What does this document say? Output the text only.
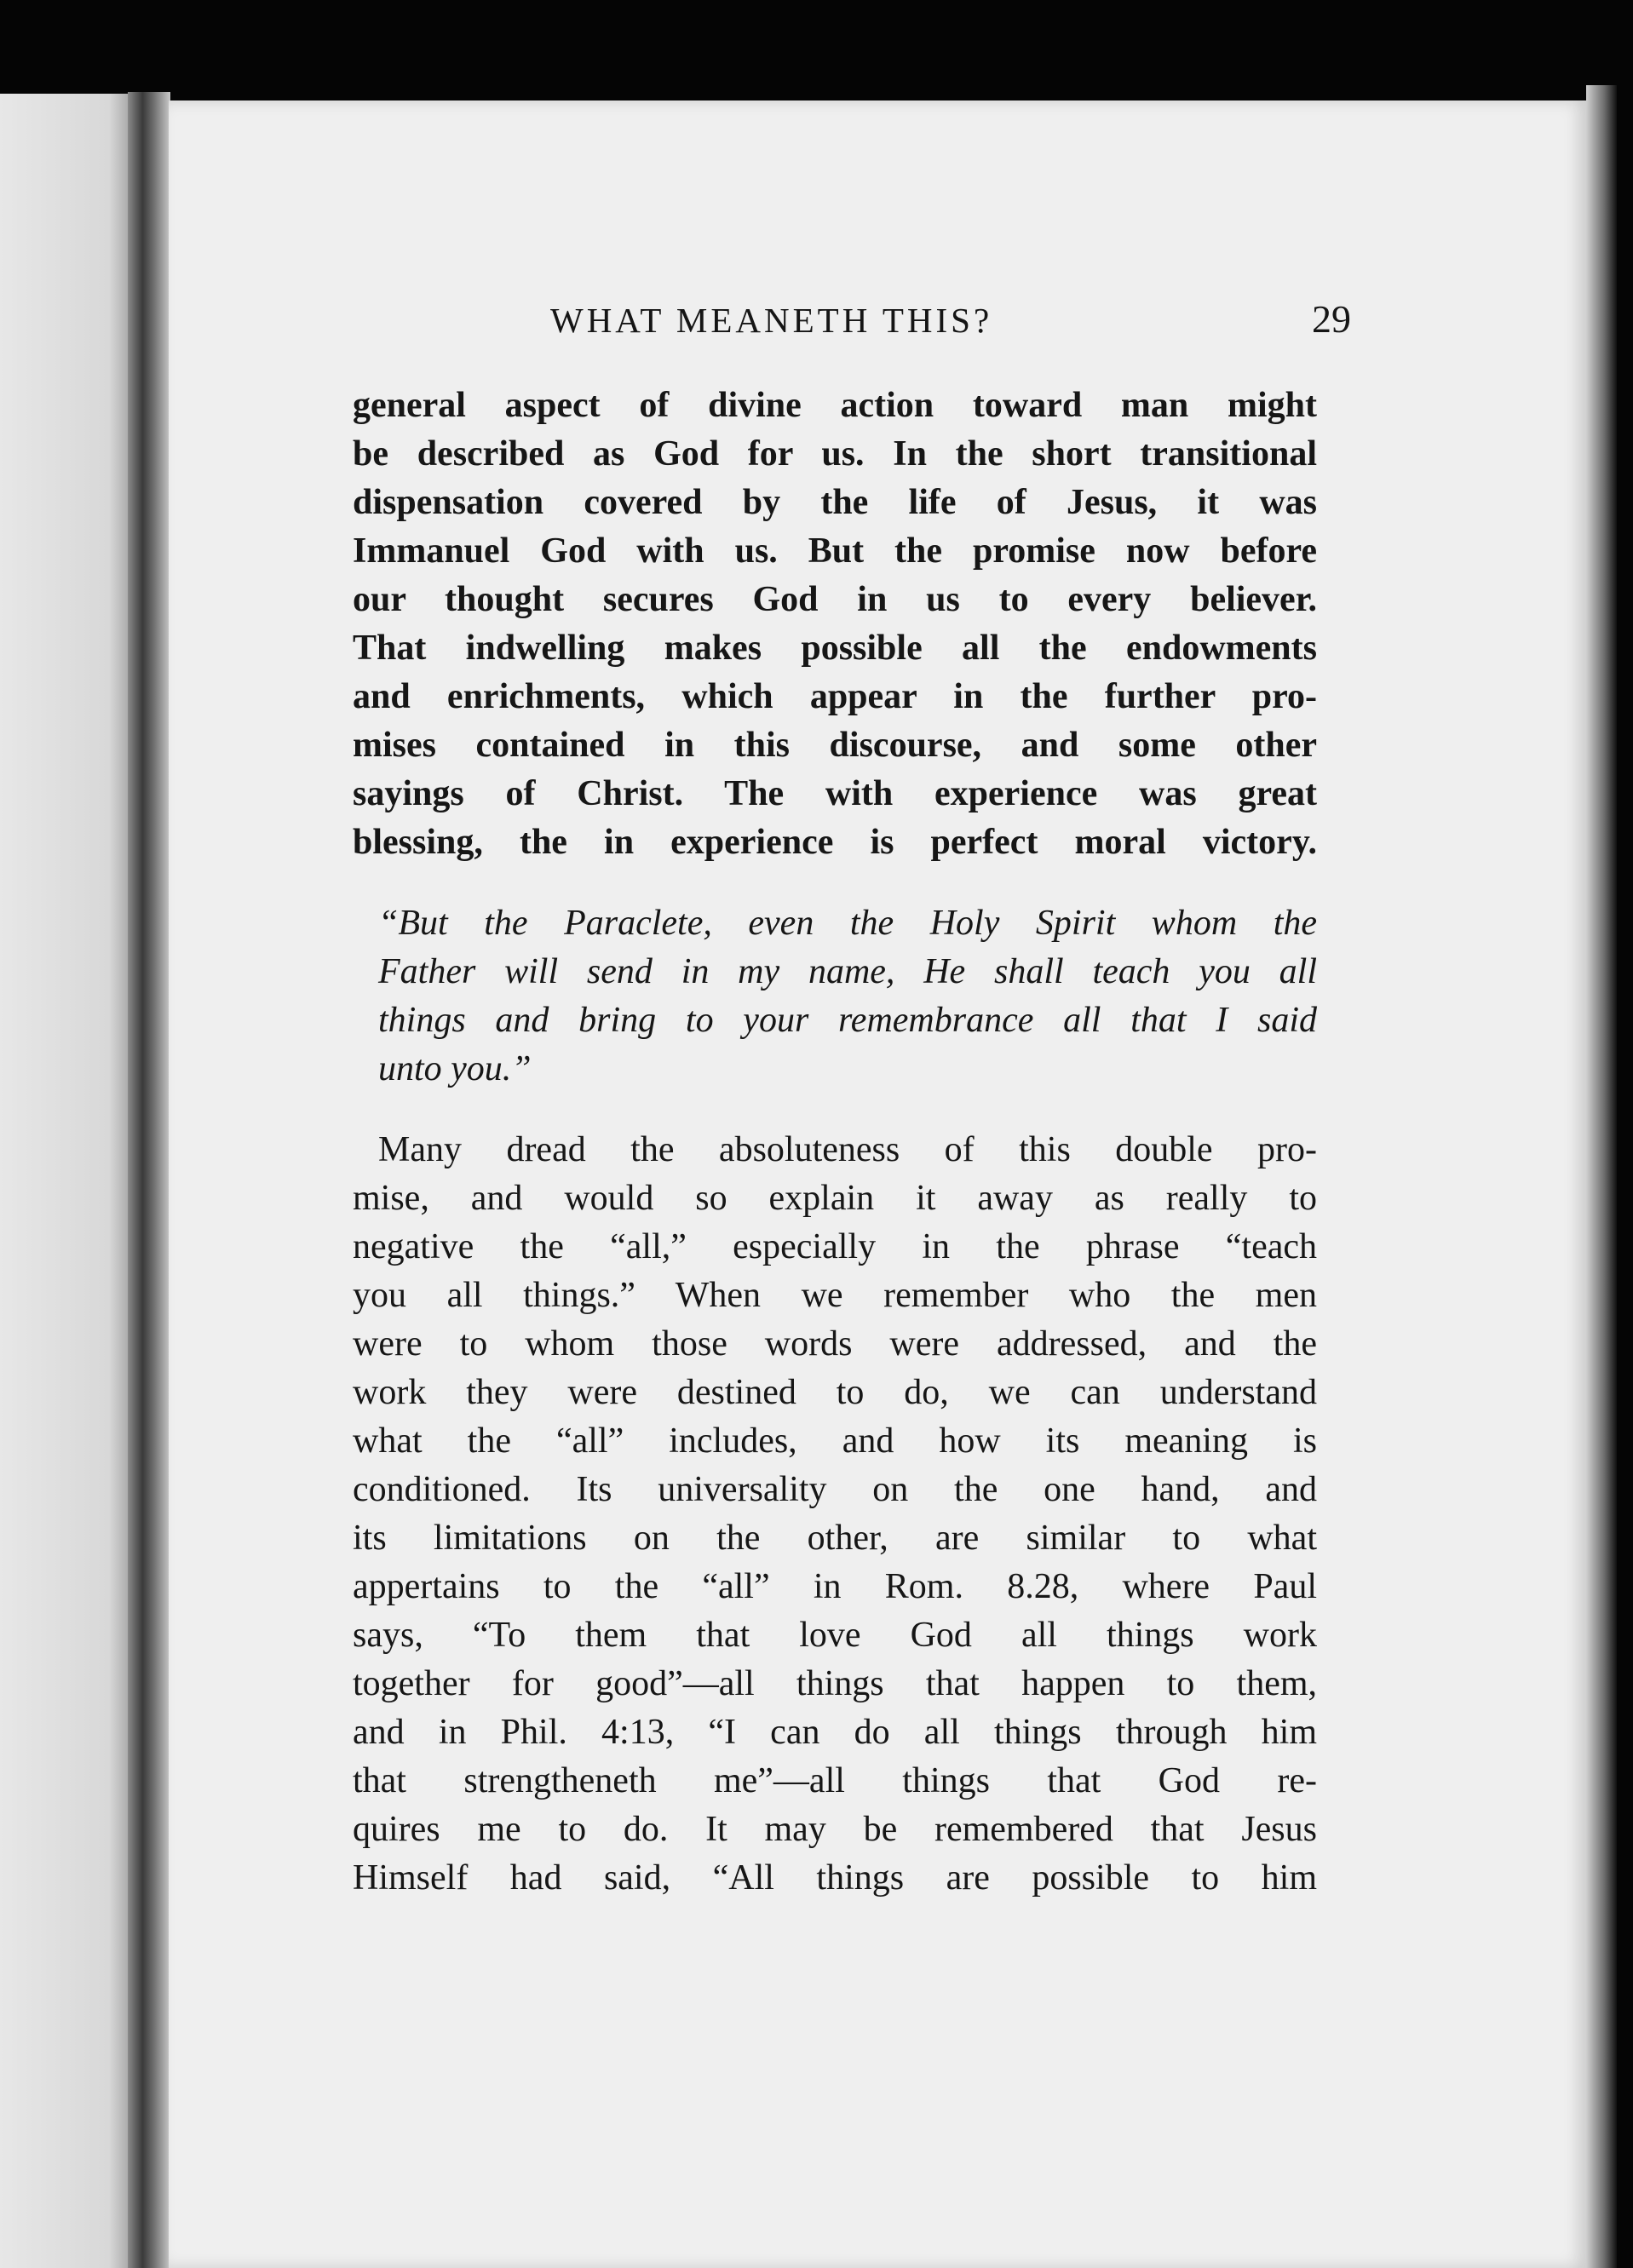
WHAT MEANETH THIS?	29

general aspect of divine action toward man might
be described as God for us. In the short transitional
dispensation covered by the life of Jesus, it was
Immanuel God with us. But the promise now before
our thought secures God in us to every believer.
That indwelling makes possible all the endowments
and enrichments, which appear in the further pro-
mises contained in this discourse, and some other
sayings of Christ. The with experience was great
blessing, the in experience is perfect moral victory.

“But the Paraclete, even the Holy Spirit whom the
Father will send in my name, He shall teach you all
things and bring to your remembrance all that I said
unto you.”

Many dread the absoluteness of this double pro-
mise, and would so explain it away as really to
negative the “all,” especially in the phrase “teach
you all things.” When we remember who the men
were to whom those words were addressed, and the
work they were destined to do, we can understand
what the “all” includes, and how its meaning is
conditioned. Its universality on the one hand, and
its limitations on the other, are similar to what
appertains to the “all” in Rom. 8.28, where Paul
says, “To them that love God all things work
together for good”—all things that happen to them,
and in Phil. 4:13, “I can do all things through him
that strengtheneth me”—all things that God re-
quires me to do. It may be remembered that Jesus
Himself had said, “All things are possible to him
